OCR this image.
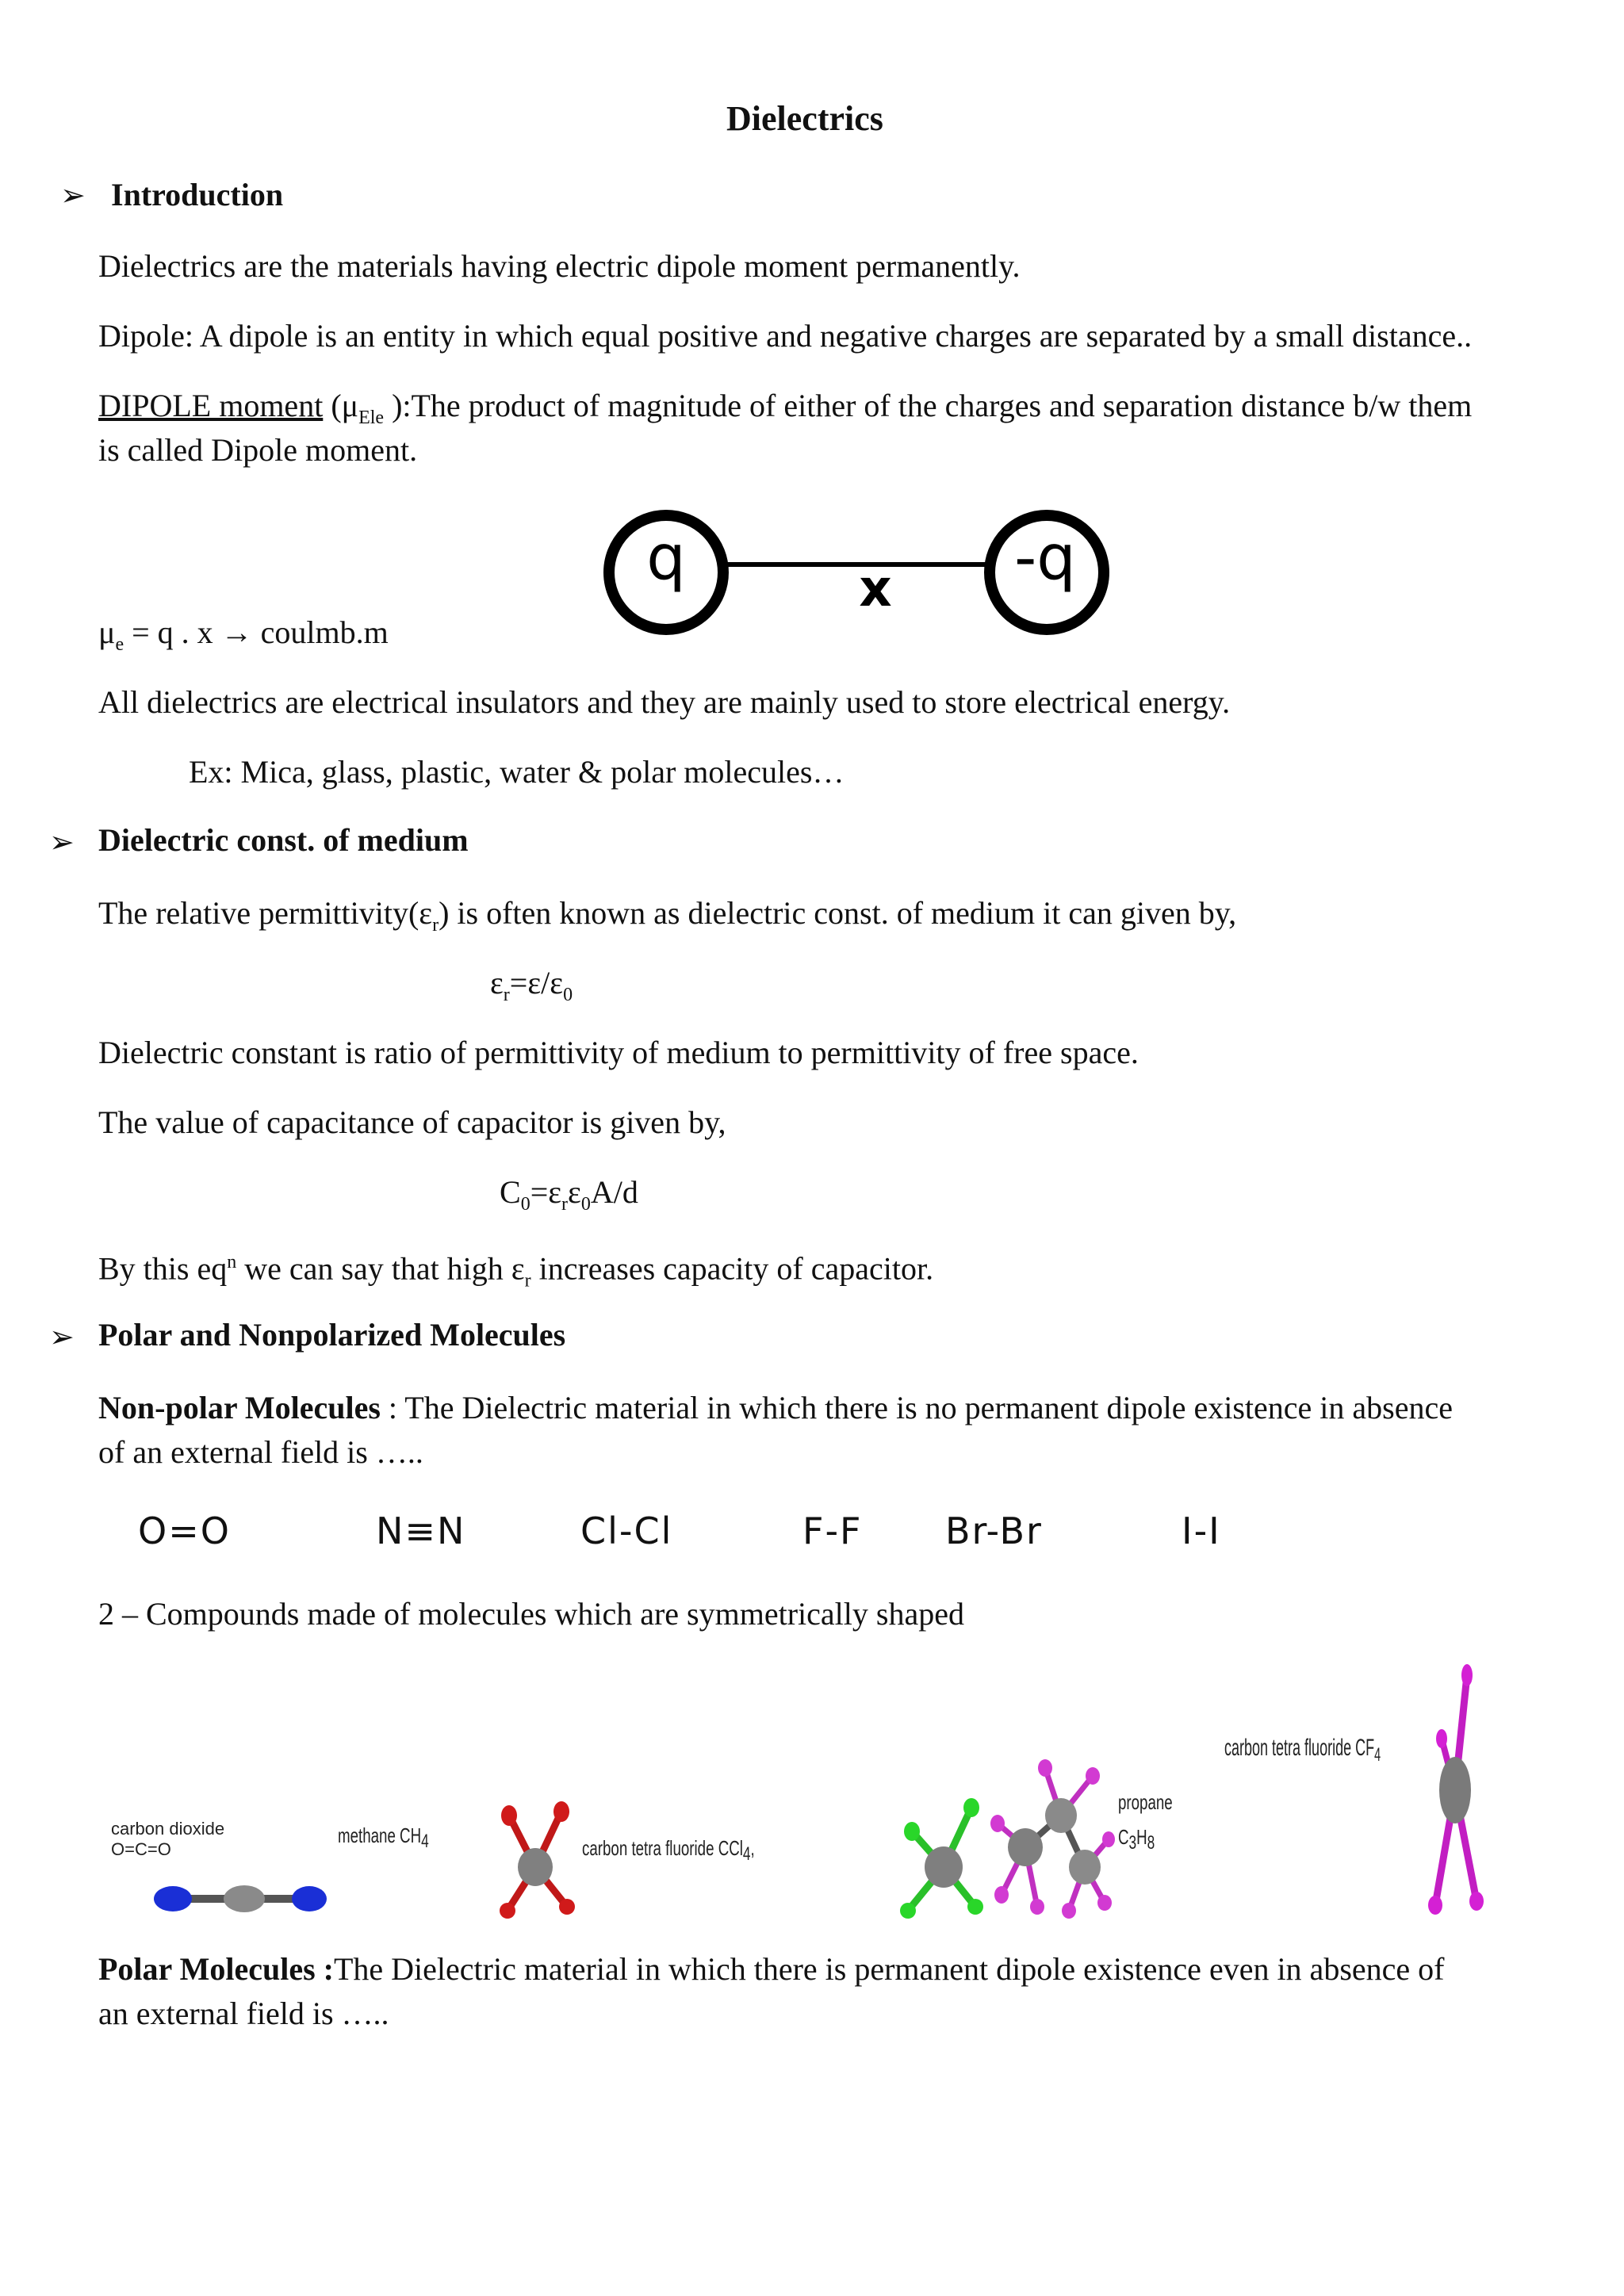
Dielectrics
➢ Introduction
Dielectrics are the materials having electric dipole moment permanently.
Dipole: A dipole is an entity in which equal positive and negative charges are separated by a small distance..
DIPOLE moment ($\mu_{Ele}$ ):The product of magnitude of either of the charges and separation distance b/w them
is called Dipole moment.
q	-q
x
$\mu_e = q$ . x → coulmb.m
All dielectrics are electrical insulators and they are mainly used to store electrical energy.
Ex: Mica, glass, plastic, water & polar molecules…
➢ Dielectric const. of medium
The relative $permittivity(\varepsilon_r)$ is often known as dielectric const. of medium it can given by,
$\varepsilon_r=\varepsilon/\varepsilon_0$
Dielectric constant is ratio of permittivity of medium to permittivity of free space.
The value of capacitance of capacitor is given by,
$C_0=\varepsilon_r\varepsilon_0A/d$
By this $eq^n$ we can say that high $\varepsilon_r$ increases capacity of capacitor.
➢ Polar and Nonpolarized Molecules
Non-polar Molecules : The Dielectric material in which there is no permanent dipole existence in absence
of an external field is …..
O=O	N≡N	Cl-Cl	F-F Br-Br	I-I
2 – Compounds made of molecules which are symmetrically shaped
carbon dioxide
O=C=O
methane $CH_4$	carbon tetra fluoride CCl$_4$,
propane
$C_3H_8$
carbon tetra fluoride $CF_4$
Polar Molecules :The Dielectric material in which there is permanent dipole existence even in absence of
an external field is …..
